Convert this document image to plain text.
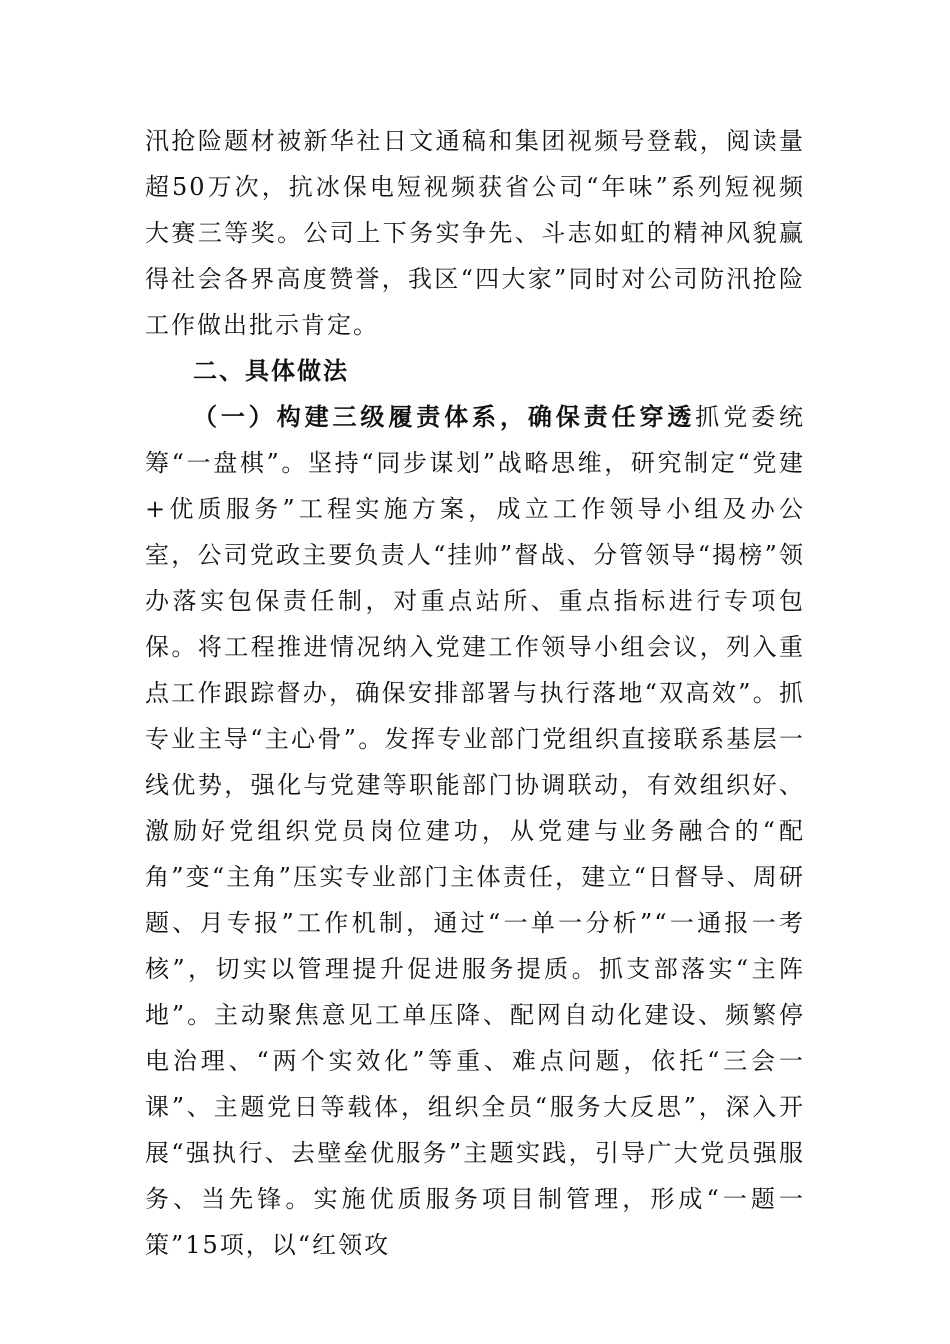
汛抢险题材被新华社日文通稿和集团视频号登载，阅读量超50万次，抗冰保电短视频获省公司“年味”系列短视频大赛三等奖。公司上下务实争先、斗志如虹的精神风貌赢得社会各界高度赞誉，我区“四大家”同时对公司防汛抢险工作做出批示肯定。

二、具体做法

（一）构建三级履责体系，确保责任穿透抓党委统筹“一盘棋”。坚持“同步谋划”战略思维，研究制定“党建+优质服务”工程实施方案，成立工作领导小组及办公室，公司党政主要负责人“挂帅”督战、分管领导“揭榜”领办落实包保责任制，对重点站所、重点指标进行专项包保。将工程推进情况纳入党建工作领导小组会议，列入重点工作跟踪督办，确保安排部署与执行落地“双高效”。抓专业主导“主心骨”。发挥专业部门党组织直接联系基层一线优势，强化与党建等职能部门协调联动，有效组织好、激励好党组织党员岗位建功，从党建与业务融合的“配角”变“主角”压实专业部门主体责任，建立“日督导、周研题、月专报”工作机制，通过“一单一分析”“一通报一考核”，切实以管理提升促进服务提质。抓支部落实“主阵地”。主动聚焦意见工单压降、配网自动化建设、频繁停电治理、“两个实效化”等重、难点问题，依托“三会一课”、主题党日等载体，组织全员“服务大反思”，深入开展“强执行、去壁垒优服务”主题实践，引导广大党员强服务、当先锋。实施优质服务项目制管理，形成“一题一策”15项，以“红领攻
